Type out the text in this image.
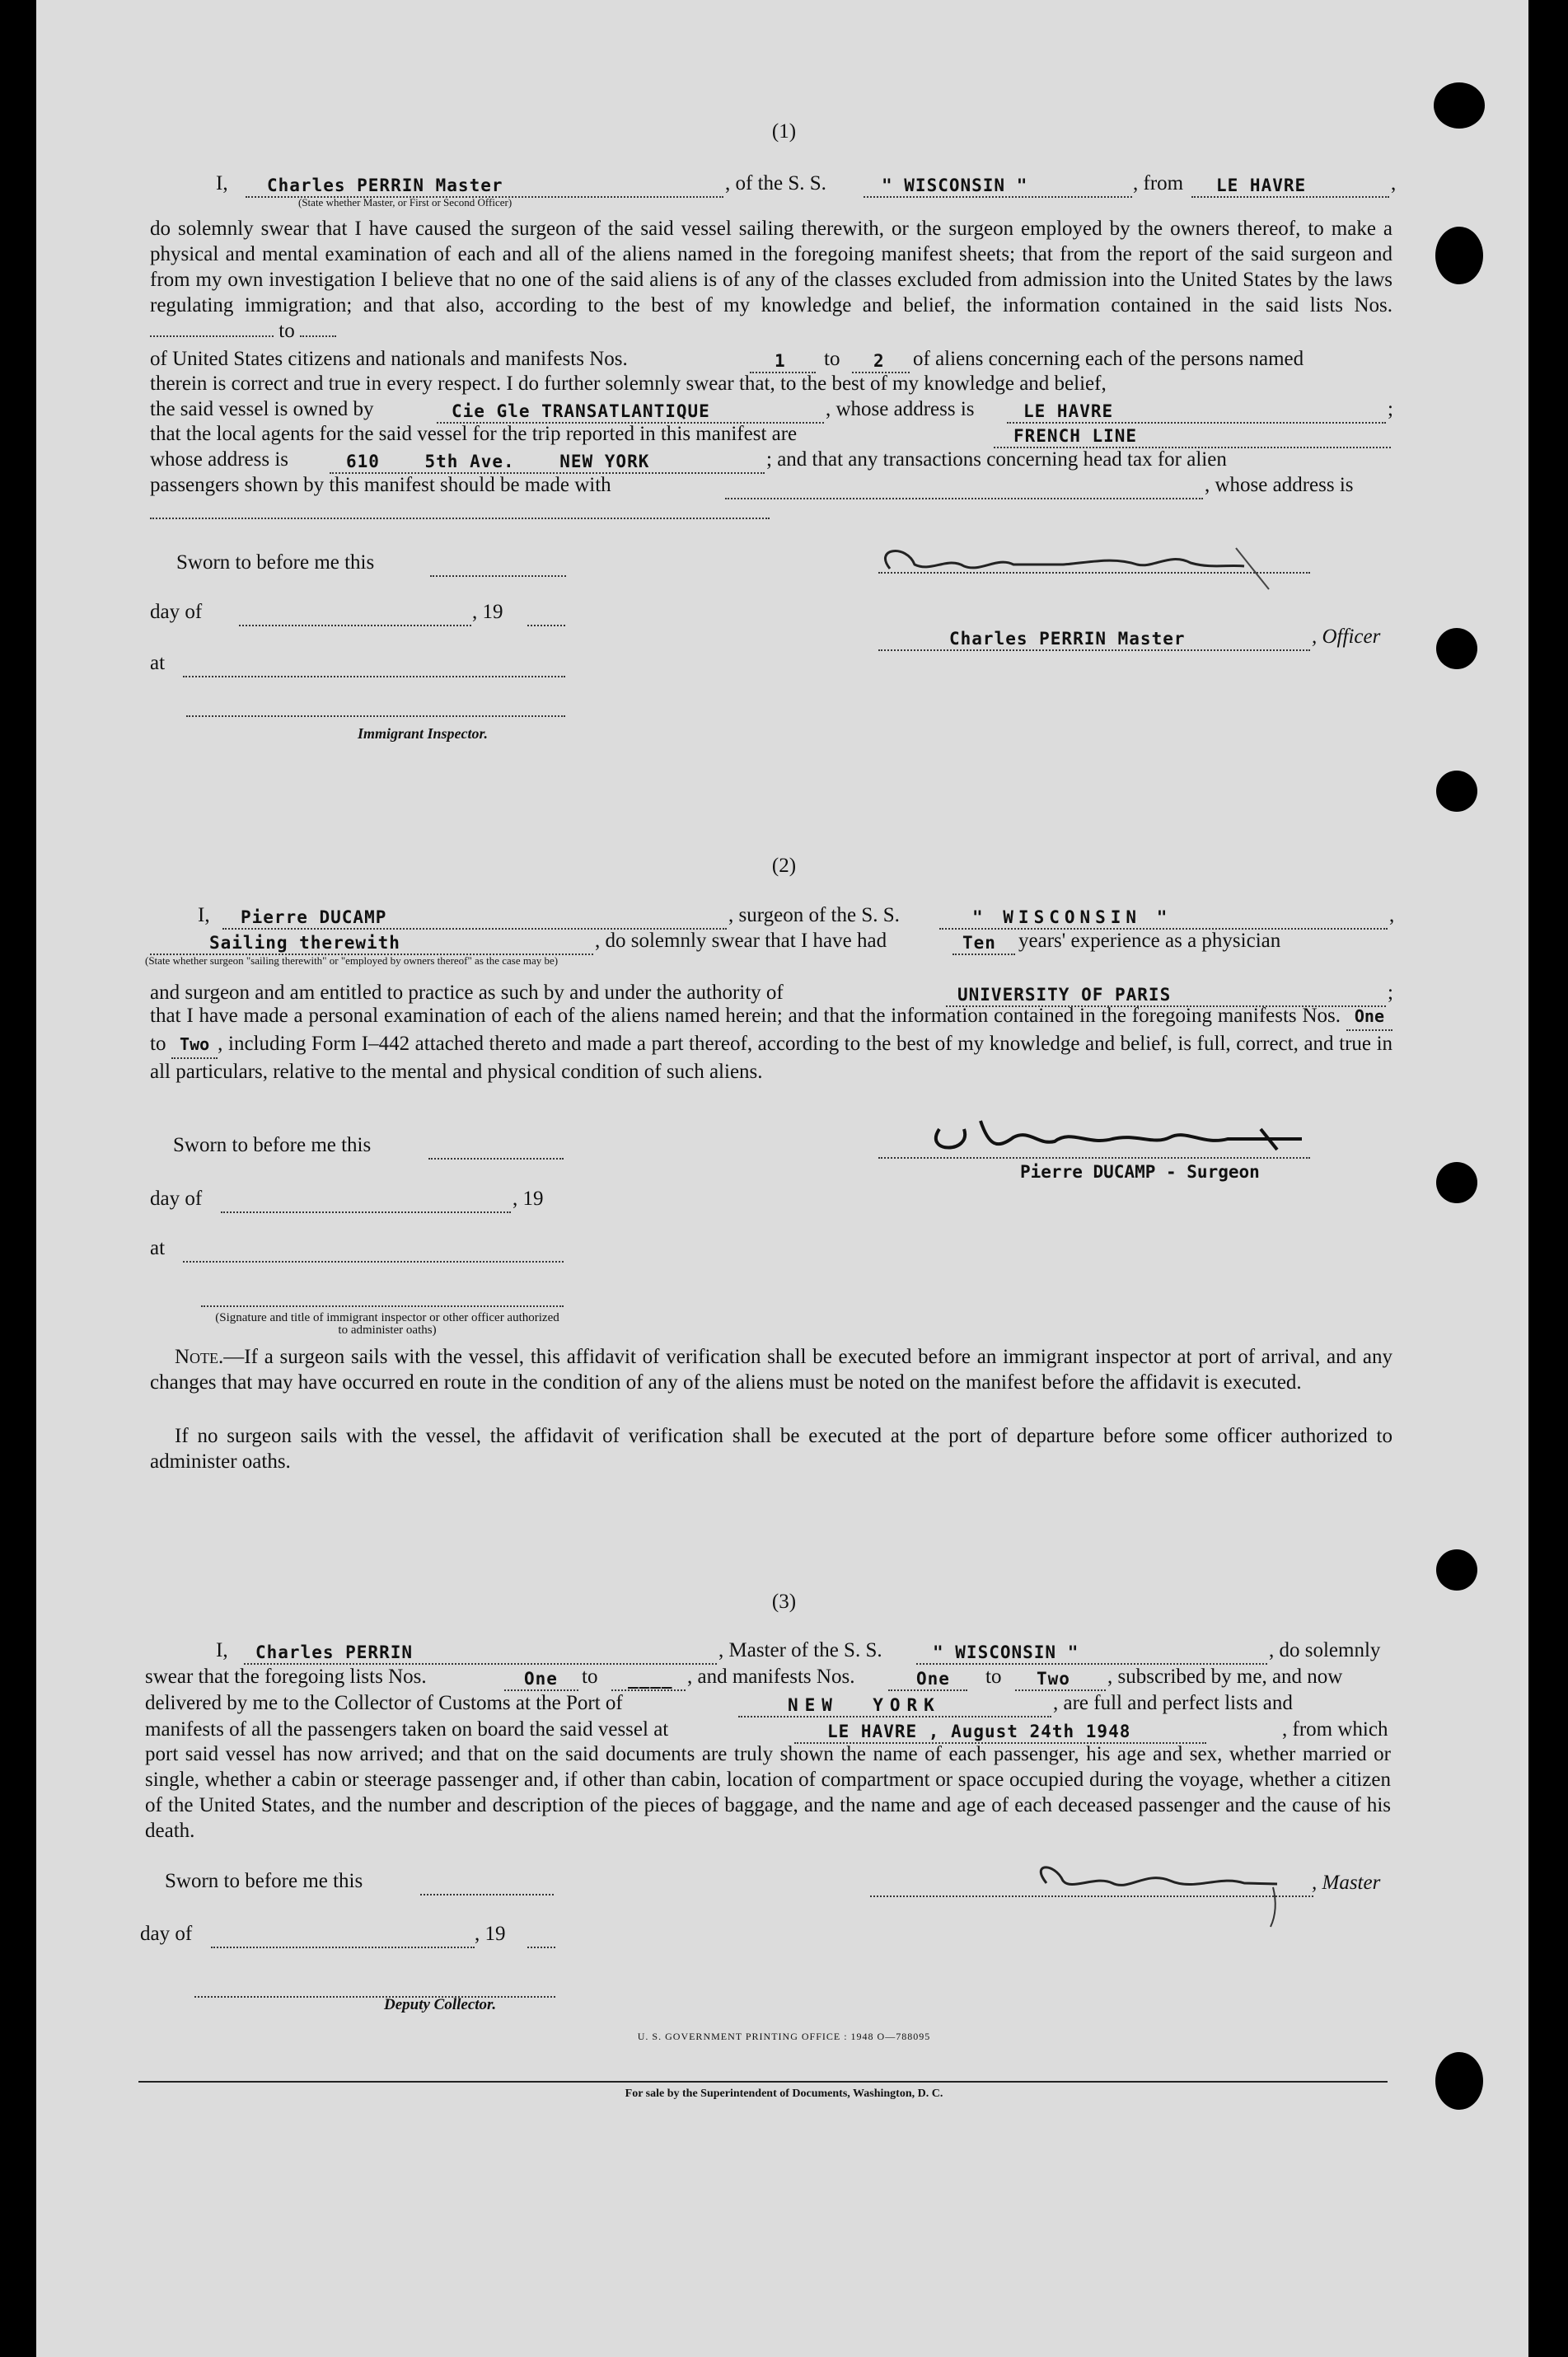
(1)
I, Charles PERRIN Master	, of the S. S.	" WISCONSIN "	, from LE HAVRE	,
(State whether Master, or First or Second Officer)
do solemnly swear that I have caused the surgeon of the said vessel sailing therewith, or the surgeon employed by the owners thereof, to make a physical and mental examination of each and all of the aliens named in the foregoing manifest sheets; that from the report of the said surgeon and from my own investigation I believe that no one of the said aliens is of any of the classes excluded from admission into the United States by the laws regulating immigration; and that also, according to the best of my knowledge and belief, the information contained in the said lists Nos.  to
of United States citizens and nationals and manifests Nos.	1 to 2 of aliens concerning each of the persons named
therein is correct and true in every respect. I do further solemnly swear that, to the best of my knowledge and belief,
the said vessel is owned by	Cie Gle TRANSATLANTIQUE	, whose address is	LE HAVRE	;
that the local agents for the said vessel for the trip reported in this manifest are	FRENCH LINE
whose address is	610    5th Ave.    NEW YORK	; and that any transactions concerning head tax for alien
passengers shown by this manifest should be made with	, whose address is
Sworn to before me this
day of	, 19
Charles PERRIN Master	, Officer
at
Immigrant Inspector.
(2)
I, Pierre DUCAMP	, surgeon of the S. S.	" WISCONSIN "	,
Sailing therewith	, do solemnly swear that I have had	Ten years' experience as a physician
(State whether surgeon "sailing therewith" or "employed by owners thereof" as the case may be)
and surgeon and am entitled to practice as such by and under the authority of	UNIVERSITY OF PARIS	;
that I have made a personal examination of each of the aliens named herein; and that the information contained in the foregoing manifests Nos. One to Two , including Form I–442 attached thereto and made a part thereof, according to the best of my knowledge and belief, is full, correct, and true in all particulars, relative to the mental and physical condition of such aliens.
Sworn to before me this
Pierre DUCAMP - Surgeon
day of	, 19
at
(Signature and title of immigrant inspector or other officer authorized to administer oaths)
Note.—If a surgeon sails with the vessel, this affidavit of verification shall be executed before an immigrant inspector at port of arrival, and any changes that may have occurred en route in the condition of any of the aliens must be noted on the manifest before the affidavit is executed.
If no surgeon sails with the vessel, the affidavit of verification shall be executed at the port of departure before some officer authorized to administer oaths.
(3)
I, Charles PERRIN	, Master of the S. S.	" WISCONSIN "	, do solemnly
swear that the foregoing lists Nos.	One to ____ , and manifests Nos.	One to Two , subscribed by me, and now
delivered by me to the Collector of Customs at the Port of	NEW  YORK	, are full and perfect lists and
manifests of all the passengers taken on board the said vessel at	LE HAVRE , August 24th 1948	, from which
port said vessel has now arrived; and that on the said documents are truly shown the name of each passenger, his age and sex, whether married or single, whether a cabin or steerage passenger and, if other than cabin, location of compartment or space occupied during the voyage, whether a citizen of the United States, and the number and description of the pieces of baggage, and the name and age of each deceased passenger and the cause of his death.
Sworn to before me this	, Master
day of	, 19
Deputy Collector.
U. S. GOVERNMENT PRINTING OFFICE : 1948 O—788095
For sale by the Superintendent of Documents, Washington, D. C.
